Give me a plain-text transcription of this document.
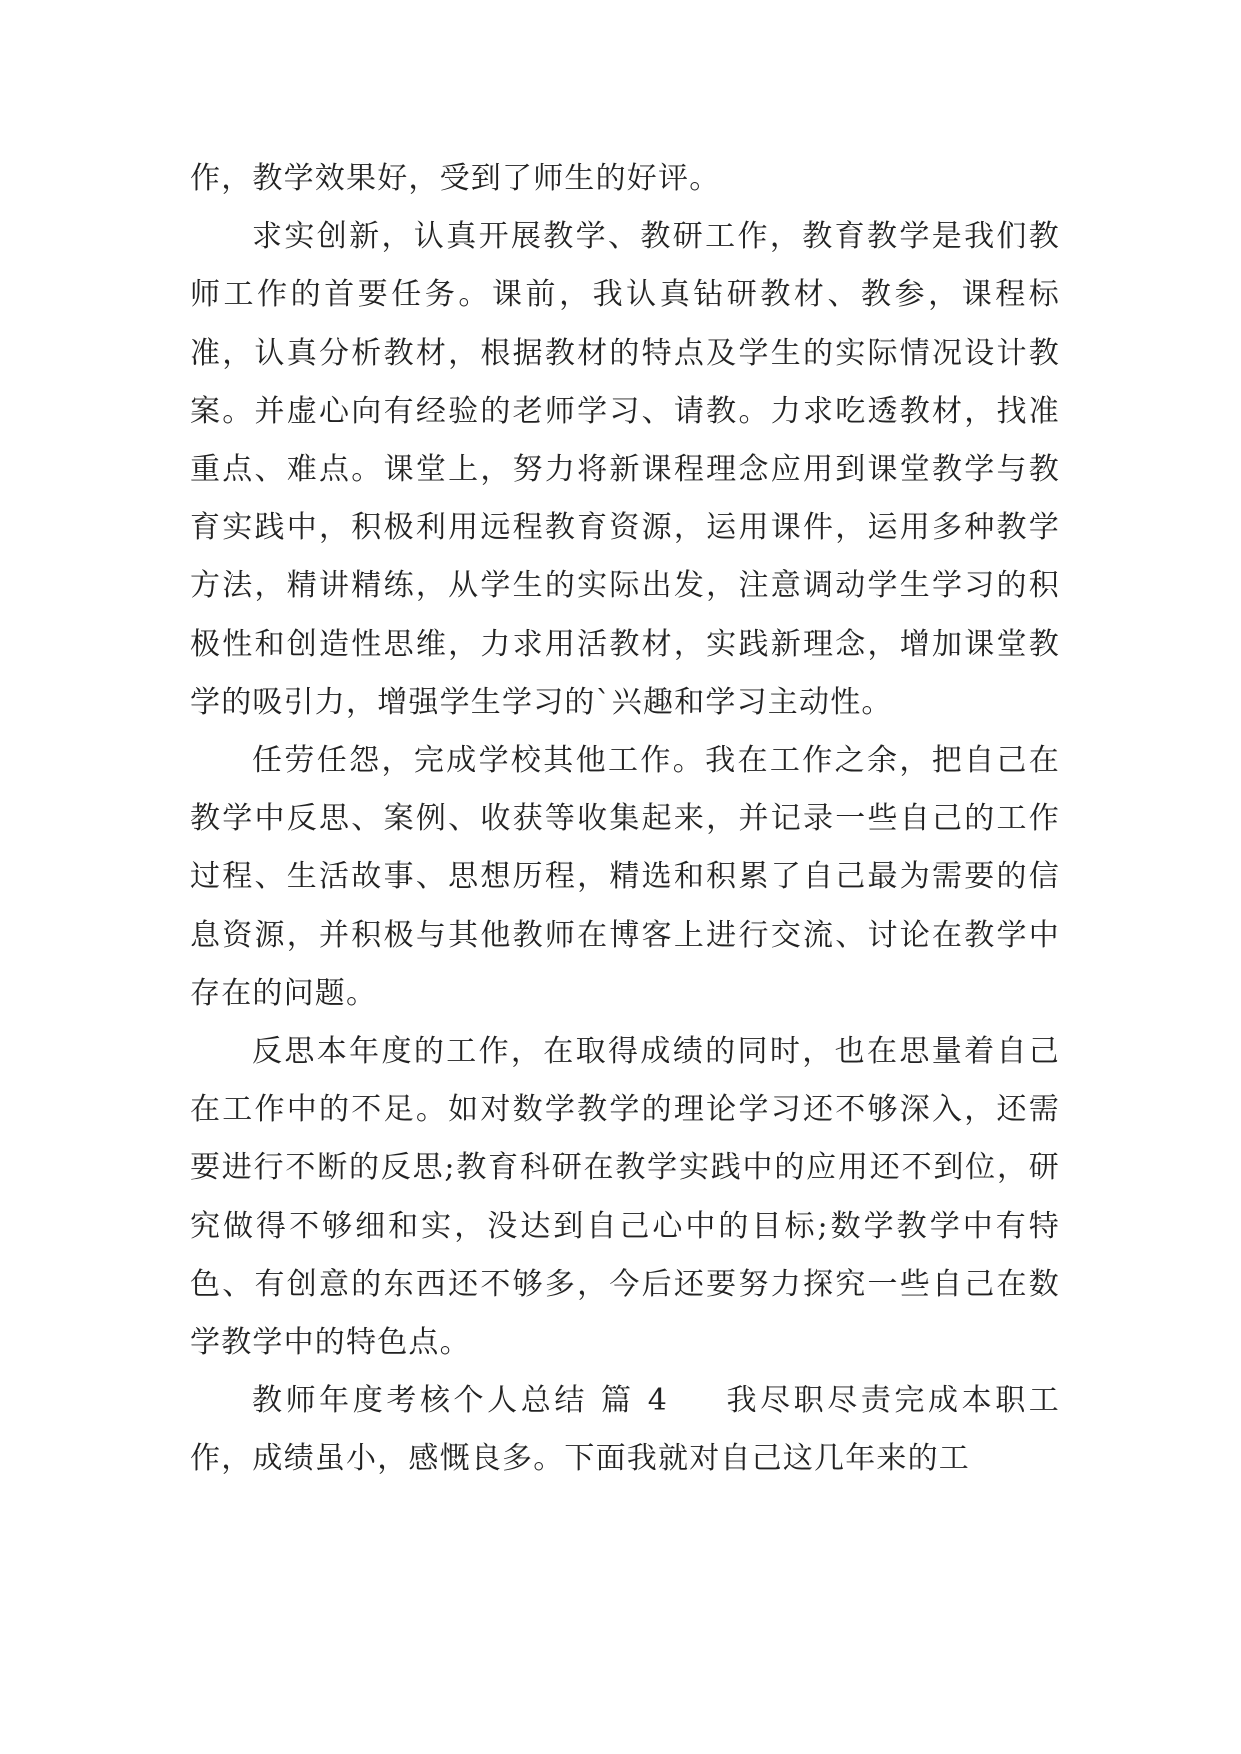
作，教学效果好，受到了师生的好评。

求实创新，认真开展教学、教研工作，教育教学是我们教师工作的首要任务。课前，我认真钻研教材、教参，课程标准，认真分析教材，根据教材的特点及学生的实际情况设计教案。并虚心向有经验的老师学习、请教。力求吃透教材，找准重点、难点。课堂上，努力将新课程理念应用到课堂教学与教育实践中，积极利用远程教育资源，运用课件，运用多种教学方法，精讲精练，从学生的实际出发，注意调动学生学习的积极性和创造性思维，力求用活教材，实践新理念，增加课堂教学的吸引力，增强学生学习的`兴趣和学习主动性。

任劳任怨，完成学校其他工作。我在工作之余，把自己在教学中反思、案例、收获等收集起来，并记录一些自己的工作过程、生活故事、思想历程，精选和积累了自己最为需要的信息资源，并积极与其他教师在博客上进行交流、讨论在教学中存在的问题。

反思本年度的工作，在取得成绩的同时，也在思量着自己在工作中的不足。如对数学教学的理论学习还不够深入，还需要进行不断的反思;教育科研在教学实践中的应用还不到位，研究做得不够细和实，没达到自己心中的目标;数学教学中有特色、有创意的东西还不够多，今后还要努力探究一些自己在数学教学中的特色点。

教师年度考核个人总结 篇 4 我尽职尽责完成本职工作，成绩虽小，感慨良多。下面我就对自己这几年来的工
